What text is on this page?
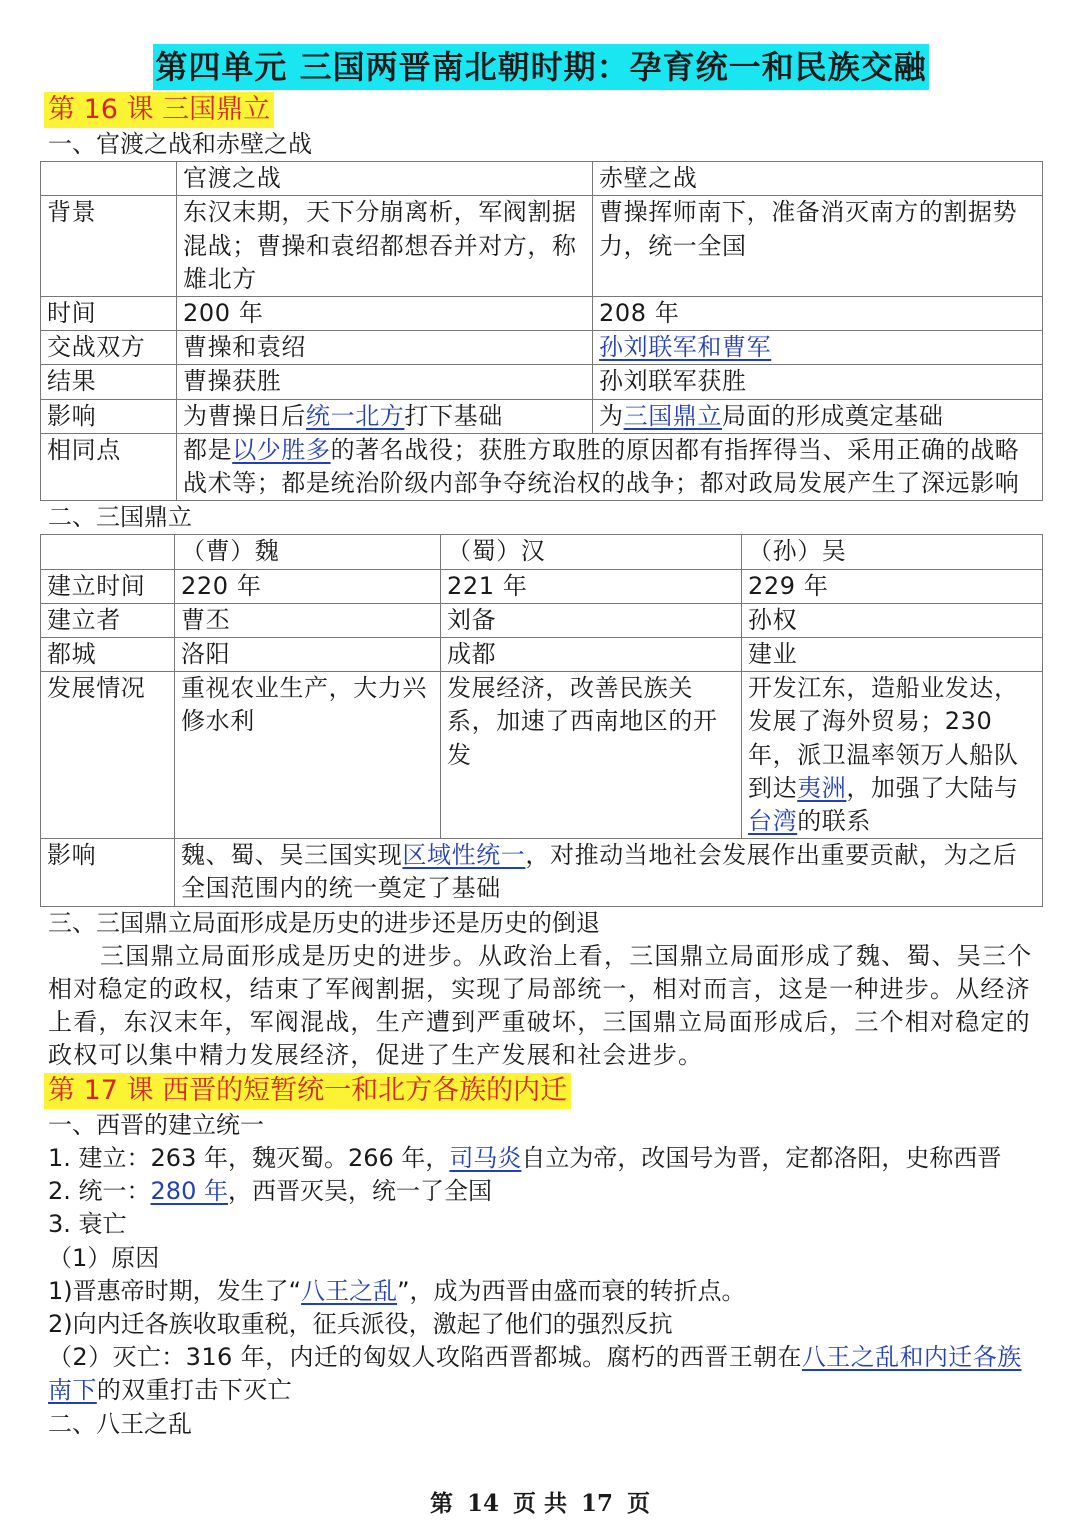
第四单元 三国两晋南北朝时期：孕育统一和民族交融
第 16 课 三国鼎立
一、官渡之战和赤壁之战
	官渡之战	赤壁之战
背景	东汉末期，天下分崩离析，军阀割据混战；曹操和袁绍都想吞并对方，称雄北方	曹操挥师南下，准备消灭南方的割据势力，统一全国
时间	200 年	208 年
交战双方	曹操和袁绍	孙刘联军和曹军
结果	曹操获胜	孙刘联军获胜
影响	为曹操日后统一北方打下基础	为三国鼎立局面的形成奠定基础
相同点	都是以少胜多的著名战役；获胜方取胜的原因都有指挥得当、采用正确的战略战术等；都是统治阶级内部争夺统治权的战争；都对政局发展产生了深远影响	
二、三国鼎立
	（曹）魏	（蜀）汉	（孙）吴
建立时间	220 年	221 年	229 年
建立者	曹丕	刘备	孙权
都城	洛阳	成都	建业
发展情况	重视农业生产，大力兴修水利	发展经济，改善民族关系，加速了西南地区的开发	开发江东，造船业发达，发展了海外贸易；230 年，派卫温率领万人船队到达夷洲，加强了大陆与台湾的联系
影响	魏、蜀、吴三国实现区域性统一，对推动当地社会发展作出重要贡献，为之后全国范围内的统一奠定了基础		
三、三国鼎立局面形成是历史的进步还是历史的倒退
三国鼎立局面形成是历史的进步。从政治上看，三国鼎立局面形成了魏、蜀、吴三个相对稳定的政权，结束了军阀割据，实现了局部统一，相对而言，这是一种进步。从经济上看，东汉末年，军阀混战，生产遭到严重破坏，三国鼎立局面形成后，三个相对稳定的政权可以集中精力发展经济，促进了生产发展和社会进步。
第 17 课 西晋的短暂统一和北方各族的内迁
一、西晋的建立统一
1. 建立：263 年，魏灭蜀。266 年，司马炎自立为帝，改国号为晋，定都洛阳，史称西晋
2. 统一：280 年，西晋灭吴，统一了全国
3. 衰亡
（1）原因
1)晋惠帝时期，发生了“八王之乱”，成为西晋由盛而衰的转折点。
2)向内迁各族收取重税，征兵派役，激起了他们的强烈反抗
（2）灭亡：316 年，内迁的匈奴人攻陷西晋都城。腐朽的西晋王朝在八王之乱和内迁各族南下的双重打击下灭亡
二、八王之乱
第 14 页 共 17 页
